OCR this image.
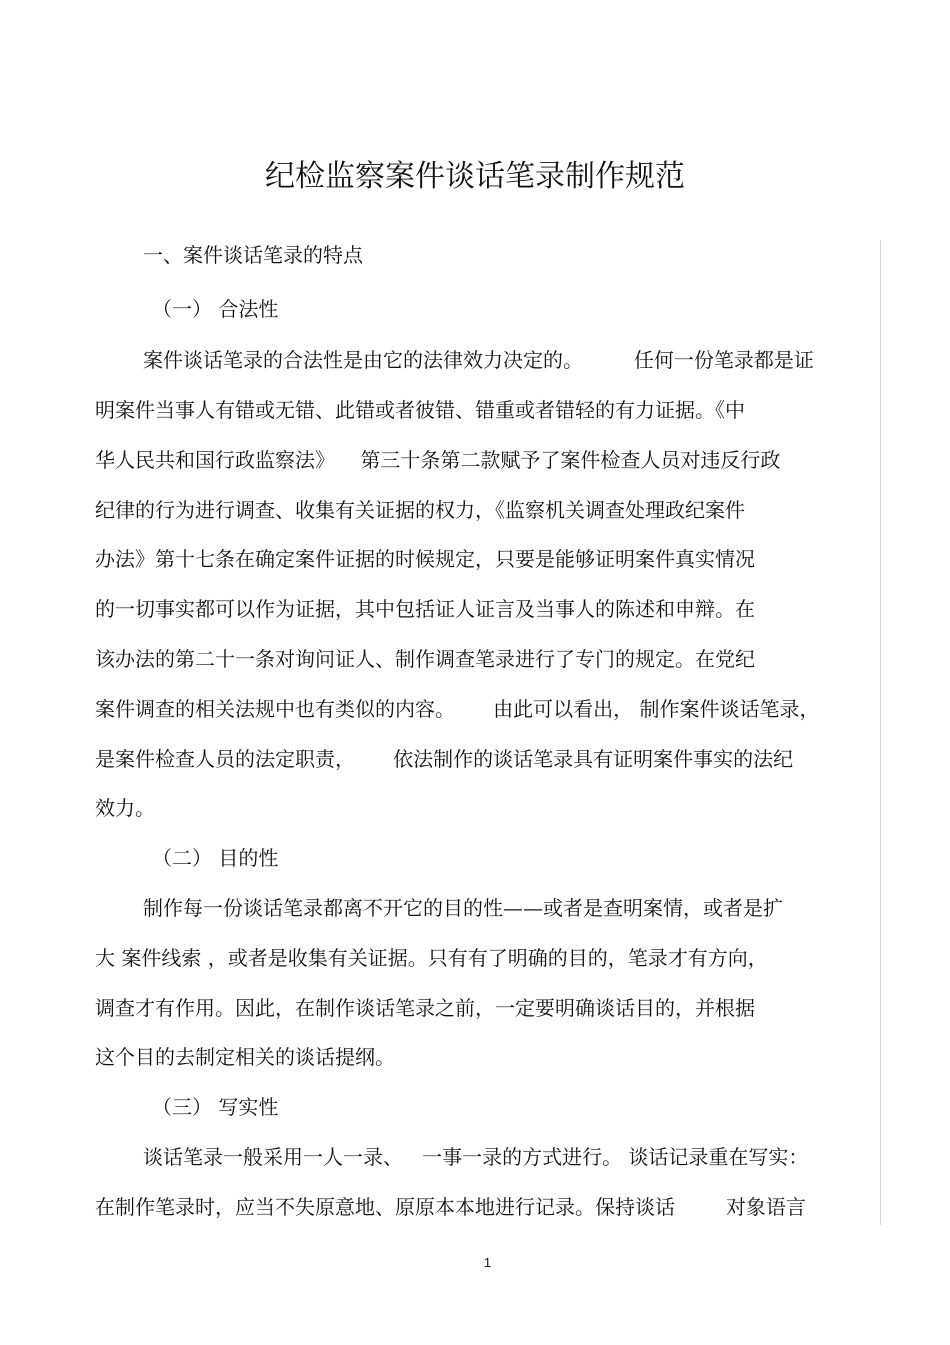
纪检监察案件谈话笔录制作规范
一、案件谈话笔录的特点
（一） 合法性
案件谈话笔录的合法性是由它的法律效力决定的。        任何一份笔录都是证
明案件当事人有错或无错、此错或者彼错、错重或者错轻的有力证据。《中
华人民共和国行政监察法》    第三十条第二款赋予了案件检查人员对违反行政
纪律的行为进行调查、收集有关证据的权力，《监察机关调查处理政纪案件
办法》第十七条在确定案件证据的时候规定，只要是能够证明案件真实情况
的一切事实都可以作为证据，其中包括证人证言及当事人的陈述和申辩。在
该办法的第二十一条对询问证人、制作调查笔录进行了专门的规定。在党纪
案件调查的相关法规中也有类似的内容。      由此可以看出， 制作案件谈话笔录，
是案件检查人员的法定职责，      依法制作的谈话笔录具有证明案件事实的法纪
效力。
（二） 目的性
制作每一份谈话笔录都离不开它的目的性——或者是查明案情，或者是扩
大 案件线索 ，或者是收集有关证据。只有有了明确的目的，笔录才有方向，
调查才有作用。因此，在制作谈话笔录之前，一定要明确谈话目的，并根据
这个目的去制定相关的谈话提纲。
（三） 写实性
谈话笔录一般采用一人一录、   一事一录的方式进行。 谈话记录重在写实：
在制作笔录时，应当不失原意地、原原本本地进行记录。保持谈话        对象语言
1
